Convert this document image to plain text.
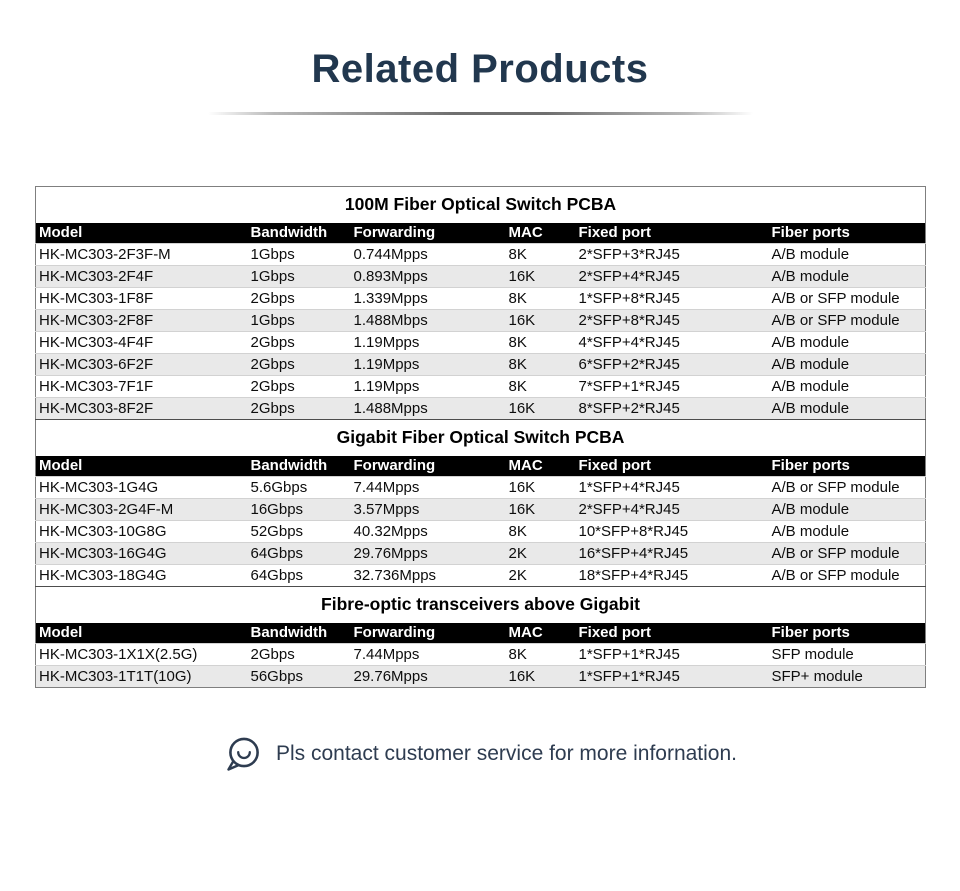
Related Products
100M Fiber Optical Switch PCBA					
Model	Bandwidth	Forwarding	MAC	Fixed port	Fiber ports
HK-MC303-2F3F-M	1Gbps	0.744Mpps	8K	2*SFP+3*RJ45	A/B module
HK-MC303-2F4F	1Gbps	0.893Mpps	16K	2*SFP+4*RJ45	A/B module
HK-MC303-1F8F	2Gbps	1.339Mpps	8K	1*SFP+8*RJ45	A/B or SFP module
HK-MC303-2F8F	1Gbps	1.488Mbps	16K	2*SFP+8*RJ45	A/B or SFP module
HK-MC303-4F4F	2Gbps	1.19Mpps	8K	4*SFP+4*RJ45	A/B module
HK-MC303-6F2F	2Gbps	1.19Mpps	8K	6*SFP+2*RJ45	A/B module
HK-MC303-7F1F	2Gbps	1.19Mpps	8K	7*SFP+1*RJ45	A/B module
HK-MC303-8F2F	2Gbps	1.488Mpps	16K	8*SFP+2*RJ45	A/B module
Gigabit Fiber Optical Switch PCBA					
Model	Bandwidth	Forwarding	MAC	Fixed port	Fiber ports
HK-MC303-1G4G	5.6Gbps	7.44Mpps	16K	1*SFP+4*RJ45	A/B or SFP module
HK-MC303-2G4F-M	16Gbps	3.57Mpps	16K	2*SFP+4*RJ45	A/B module
HK-MC303-10G8G	52Gbps	40.32Mpps	8K	10*SFP+8*RJ45	A/B module
HK-MC303-16G4G	64Gbps	29.76Mpps	2K	16*SFP+4*RJ45	A/B or SFP module
HK-MC303-18G4G	64Gbps	32.736Mpps	2K	18*SFP+4*RJ45	A/B or SFP module
Fibre-optic transceivers above Gigabit					
Model	Bandwidth	Forwarding	MAC	Fixed port	Fiber ports
HK-MC303-1X1X(2.5G)	2Gbps	7.44Mpps	8K	1*SFP+1*RJ45	SFP module
HK-MC303-1T1T(10G)	56Gbps	29.76Mpps	16K	1*SFP+1*RJ45	SFP+ module
Pls contact customer service for more infornation.
